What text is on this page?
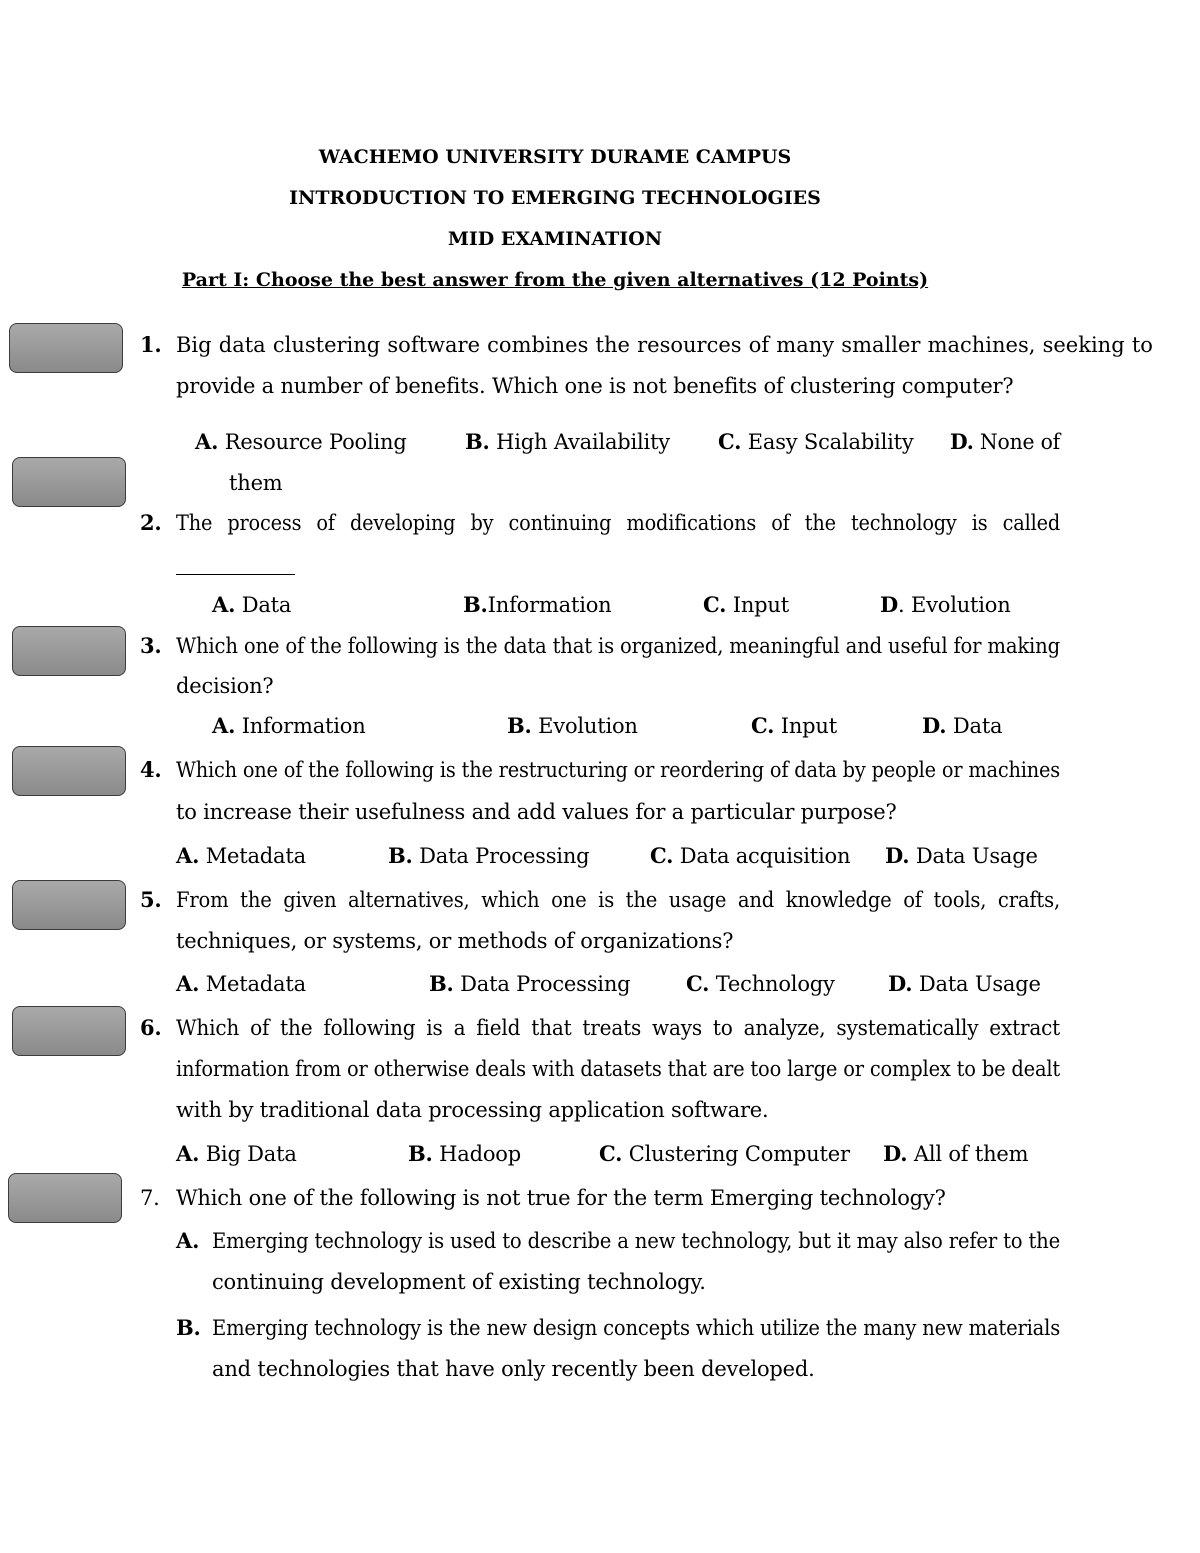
WACHEMO UNIVERSITY DURAME CAMPUS
INTRODUCTION TO EMERGING TECHNOLOGIES
MID EXAMINATION
Part I: Choose the best answer from the given alternatives (12 Points)
1. Big data clustering software combines the resources of many smaller machines, seeking to
provide a number of benefits. Which one is not benefits of clustering computer?
A. Resource Pooling	B. High Availability C. Easy Scalability D. None of
them
2. The process of developing by continuing modifications of the technology is called
A. Data	B.Information	C. Input	D. Evolution
3. Which one of the following is the data that is organized, meaningful and useful for making
decision?
A. Information	B. Evolution	C. Input	D. Data
4. Which one of the following is the restructuring or reordering of data by people or machines
to increase their usefulness and add values for a particular purpose?
A. Metadata	B. Data Processing	C. Data acquisition D. Data Usage
5. From the given alternatives, which one is the usage and knowledge of tools, crafts,
techniques, or systems, or methods of organizations?
A. Metadata	B. Data Processing	C. Technology	D. Data Usage
6. Which of the following is a field that treats ways to analyze, systematically extract
information from or otherwise deals with datasets that are too large or complex to be dealt
with by traditional data processing application software.
A. Big Data	B. Hadoop	C. Clustering Computer D. All of them
7. Which one of the following is not true for the term Emerging technology?
A. Emerging technology is used to describe a new technology, but it may also refer to the
continuing development of existing technology.
B. Emerging technology is the new design concepts which utilize the many new materials
and technologies that have only recently been developed.
